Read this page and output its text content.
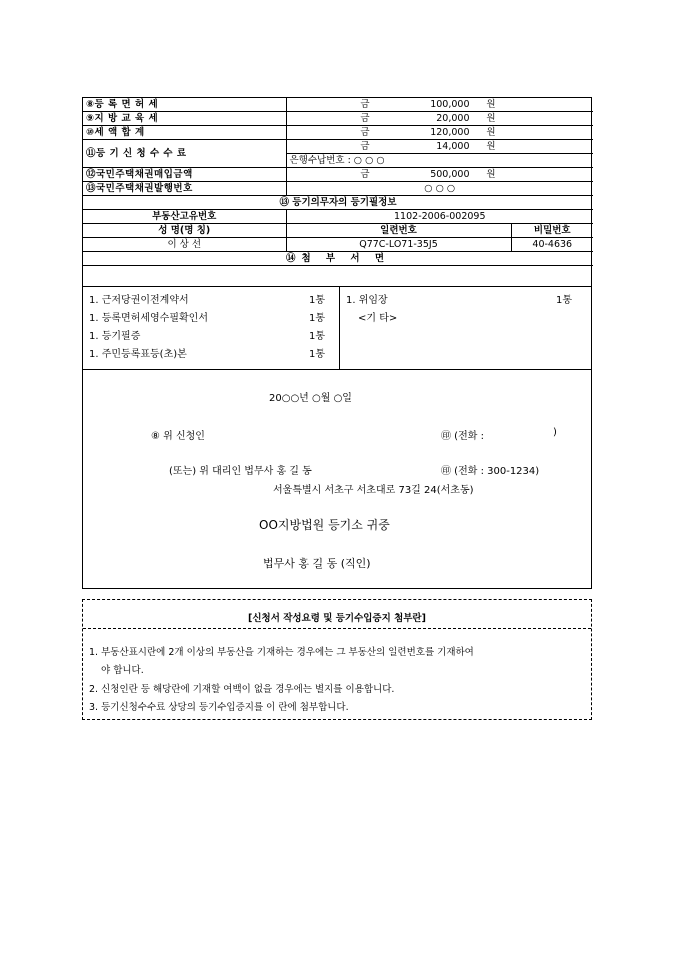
⑧등 록 면 허 세	금 100,000 원	

⑨지 방 교 육 세	금 20,000 원	

⑩세 액 합 계	금 120,000 원	

⑪등 기 신 청 수 수 료	금 14,000 원	

	은행수납번호 : ○ ○ ○	
⑫국민주택채권매입금액	금 500,000 원	

⑬국민주택채권발행번호	○ ○ ○	
⑬ 등기의무자의 등기필정보		
부동산고유번호	1102-2006-002095	
성 명(명 칭)	일련번호	비밀번호
이 상 선	Q77C-LO71-35J5	40-4636
⑭첨 부 서 면		
1. 근저당권이전계약서	1통
1. 등록면허세영수필확인서	1통
1. 등기필증	1통
1. 주민등록표등(초)본	1통
1. 위임장	1통
<기 타>
20○○년 ○월 ○일
⑧ 위 신청인	㊞ (전화 :	)
(또는) 위 대리인 법무사 홍 길 동	㊞ (전화 : 300-1234)
서울특별시 서초구 서초대로 73길 24(서초동)
OO지방법원 등기소 귀중
법무사 홍 길 동 (직인)
[신청서 작성요령 및 등기수입증지 첨부란]
1. 부동산표시란에 2개 이상의 부동산을 기재하는 경우에는 그 부동산의 일련번호를 기재하여
야 합니다.
2. 신청인란 등 해당란에 기재할 여백이 없을 경우에는 별지를 이용합니다.
3. 등기신청수수료 상당의 등기수입증지를 이 란에 첨부합니다.
